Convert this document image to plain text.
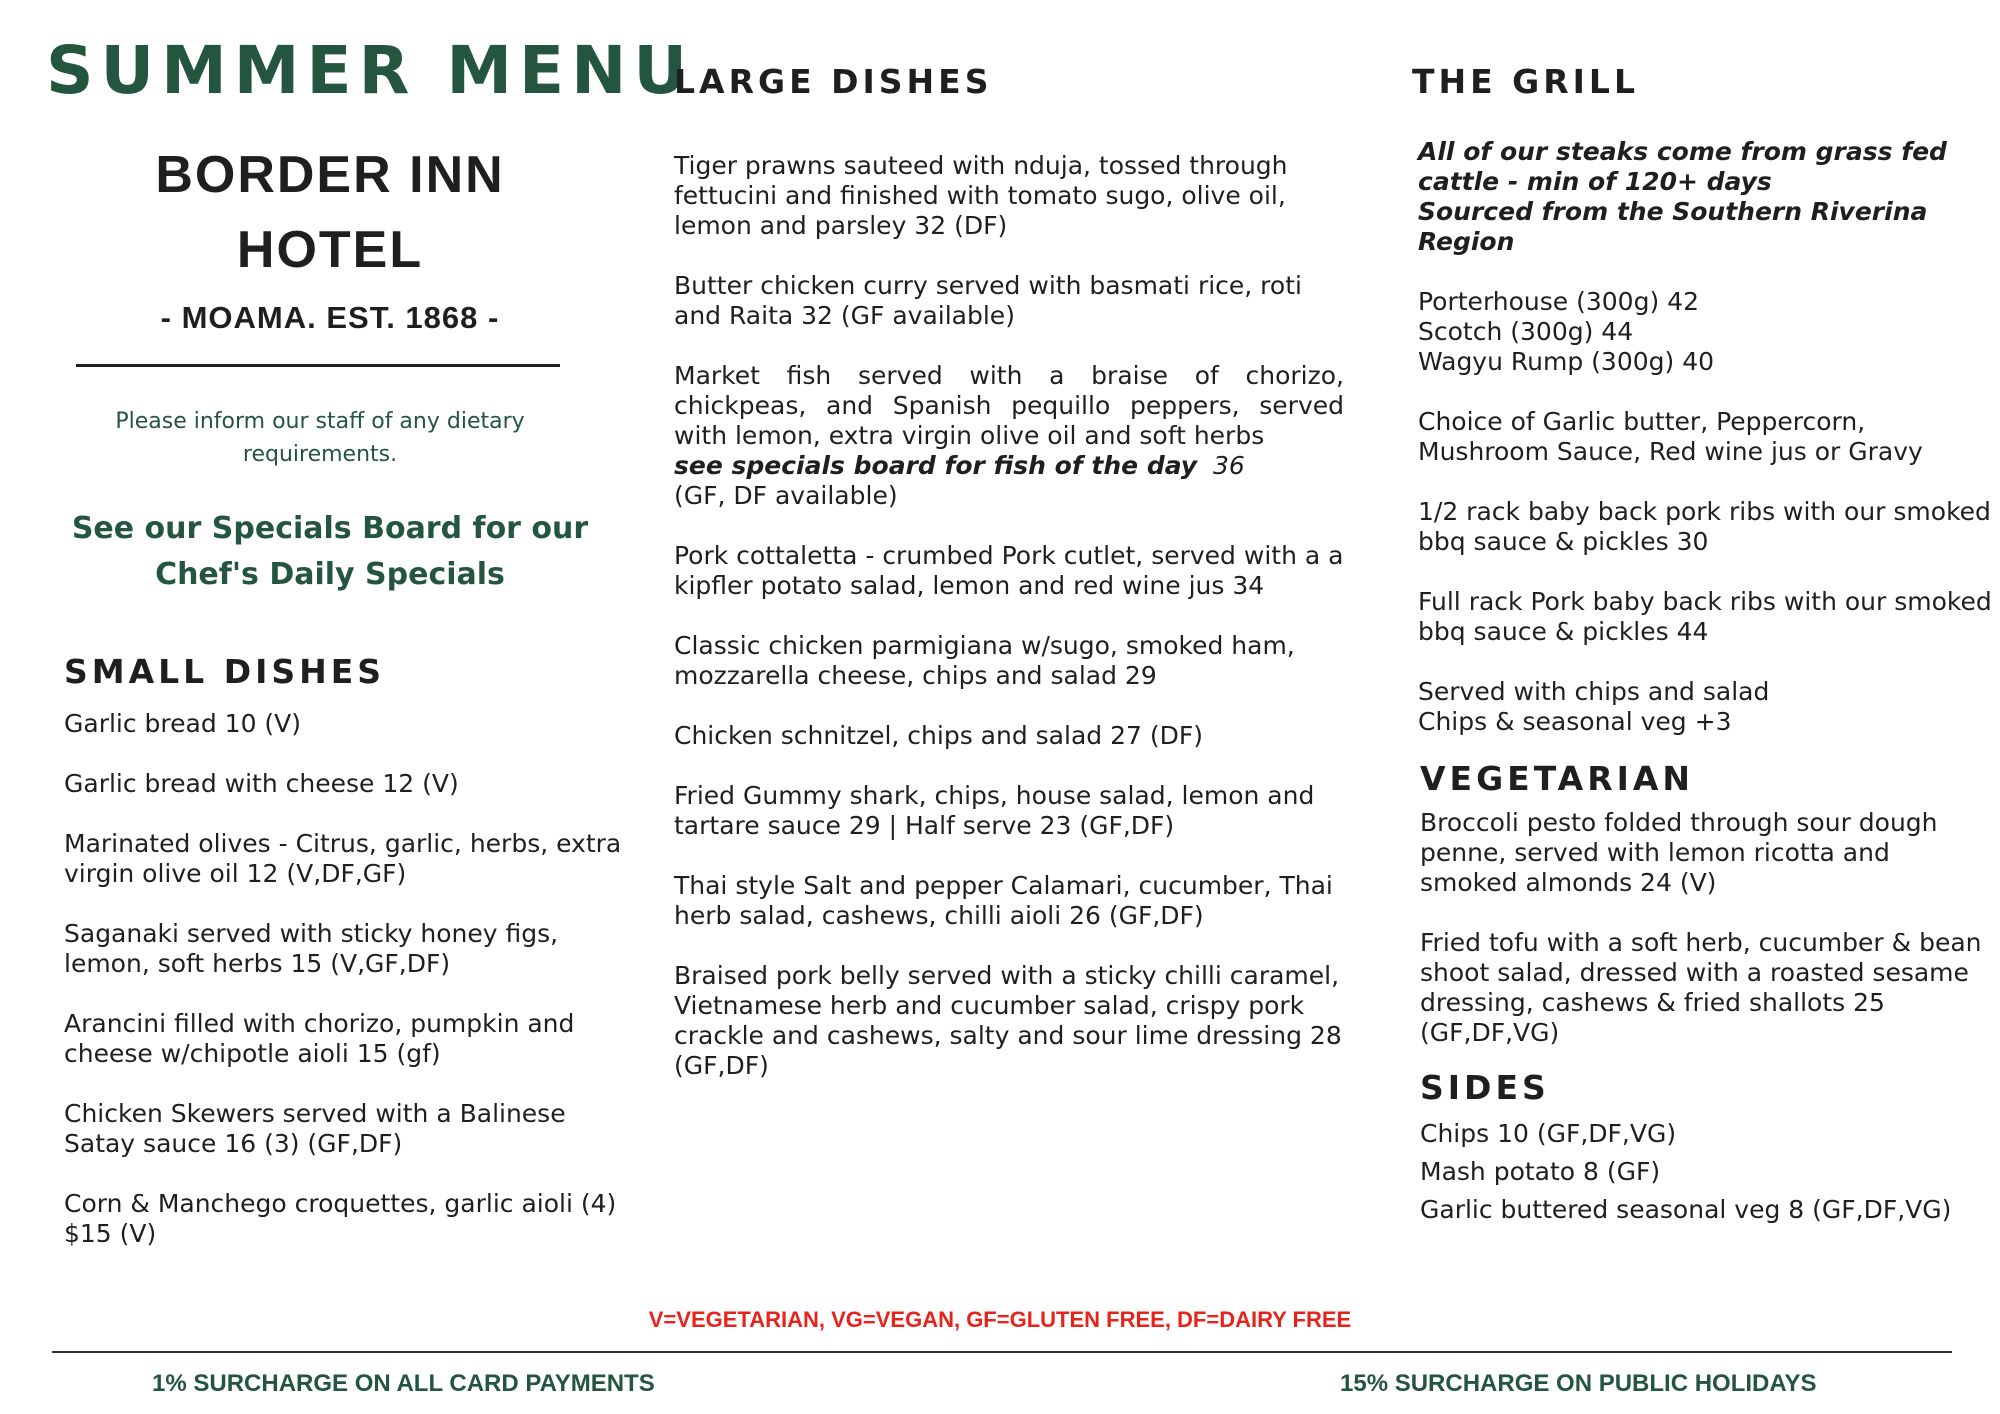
SUMMER MENU
BORDER INN
HOTEL
- MOAMA. EST. 1868 -
Please inform our staff of any dietary requirements.
See our Specials Board for our
Chef's Daily Specials
SMALL DISHES

Garlic bread 10 (V)

Garlic bread with cheese 12 (V)

Marinated olives - Citrus, garlic, herbs, extra virgin olive oil 12 (V,DF,GF)

Saganaki served with sticky honey figs, lemon, soft herbs 15 (V,GF,DF)

Arancini filled with chorizo, pumpkin and cheese w/chipotle aioli 15 (gf)

Chicken Skewers served with a Balinese Satay sauce 16 (3) (GF,DF)

Corn & Manchego croquettes, garlic aioli (4) $15 (V)

LARGE DISHES

Tiger prawns sauteed with nduja, tossed through fettucini and finished with tomato sugo, olive oil, lemon and parsley 32 (DF)

Butter chicken curry served with basmati rice, roti and Raita 32 (GF available)

Market fish served with a braise of chorizo, chickpeas, and Spanish pequillo peppers, served with lemon, extra virgin olive oil and soft herbs
see specials board for fish of the day 36
(GF, DF available)

Pork cottaletta - crumbed Pork cutlet, served with a a kipfler potato salad, lemon and red wine jus 34

Classic chicken parmigiana w/sugo, smoked ham, mozzarella cheese, chips and salad 29

Chicken schnitzel, chips and salad 27 (DF)

Fried Gummy shark, chips, house salad, lemon and tartare sauce 29 | Half serve 23 (GF,DF)

Thai style Salt and pepper Calamari, cucumber, Thai herb salad, cashews, chilli aioli 26 (GF,DF)

Braised pork belly served with a sticky chilli caramel, Vietnamese herb and cucumber salad, crispy pork crackle and cashews, salty and sour lime dressing 28 (GF,DF)

THE GRILL
All of our steaks come from grass fed cattle - min of 120+ days
Sourced from the Southern Riverina Region
Porterhouse (300g) 42
Scotch (300g) 44
Wagyu Rump (300g) 40

Choice of Garlic butter, Peppercorn, Mushroom Sauce, Red wine jus or Gravy

1/2 rack baby back pork ribs with our smoked bbq sauce & pickles 30

Full rack Pork baby back ribs with our smoked bbq sauce & pickles 44

Served with chips and salad
Chips & seasonal veg +3
VEGETARIAN

Broccoli pesto folded through sour dough penne, served with lemon ricotta and smoked almonds 24 (V)

Fried tofu with a soft herb, cucumber & bean shoot salad, dressed with a roasted sesame dressing, cashews & fried shallots 25 (GF,DF,VG)

SIDES

Chips 10 (GF,DF,VG)

Mash potato 8 (GF)

Garlic buttered seasonal veg 8 (GF,DF,VG)

V=VEGETARIAN, VG=VEGAN, GF=GLUTEN FREE, DF=DAIRY FREE
1% SURCHARGE ON ALL CARD PAYMENTS	15% SURCHARGE ON PUBLIC HOLIDAYS
